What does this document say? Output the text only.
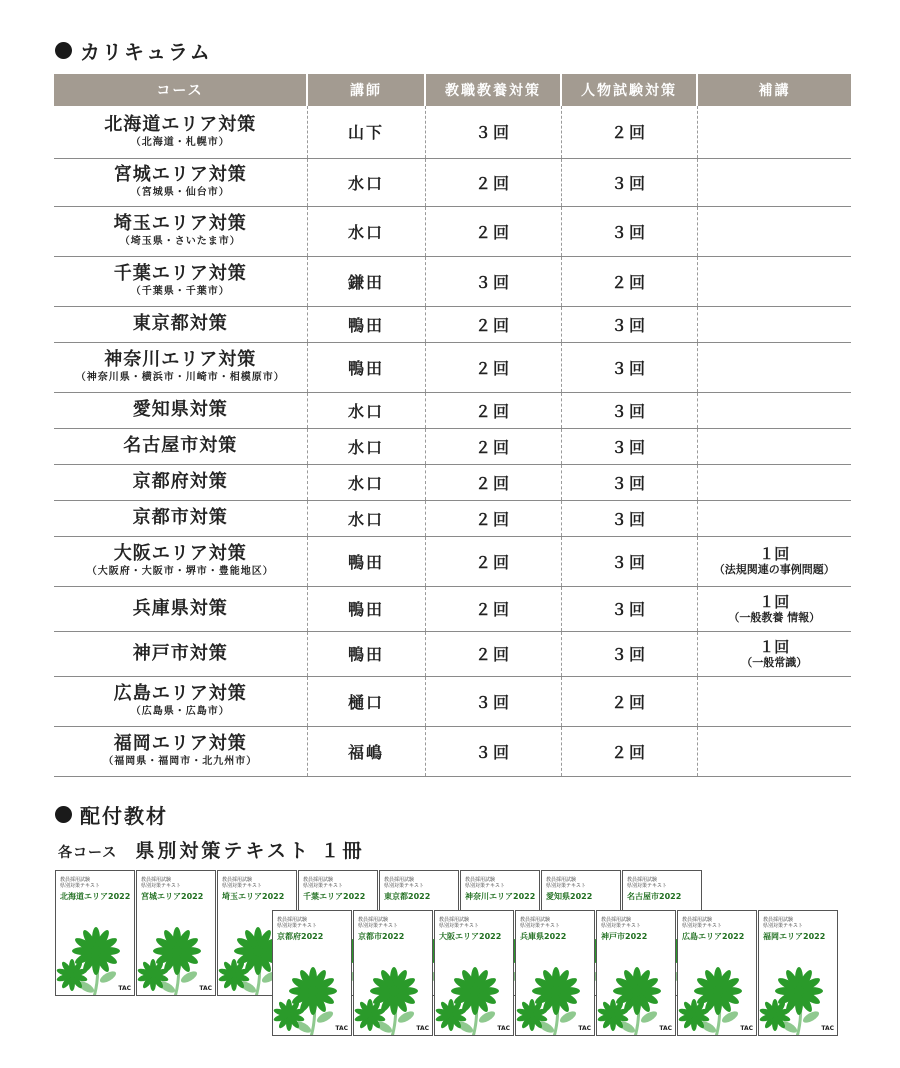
カリキュラム
コース	講師	教職教養対策	人物試験対策	補講

北海道エリア対策
（北海道・札幌市）	山下	３回	２回	

宮城エリア対策
（宮城県・仙台市）	水口	２回	３回	

埼玉エリア対策
（埼玉県・さいたま市）	水口	２回	３回	

千葉エリア対策
（千葉県・千葉市）	鎌田	３回	２回	

東京都対策	鴨田	２回	３回	

神奈川エリア対策
（神奈川県・横浜市・川崎市・相模原市）	鴨田	２回	３回	

愛知県対策	水口	２回	３回	

名古屋市対策	水口	２回	３回	

京都府対策	水口	２回	３回	

京都市対策	水口	２回	３回	

大阪エリア対策
（大阪府・大阪市・堺市・豊能地区）	鴨田	２回	３回	１回
（法規関連の事例問題）

兵庫県対策	鴨田	２回	３回	１回
（一般教養 情報）

神戸市対策	鴨田	２回	３回	１回
（一般常識）

広島エリア対策
（広島県・広島市）	樋口	３回	２回	

福岡エリア対策
（福岡県・福岡市・北九州市）	福嶋	３回	２回	
配付教材
各コース 県別対策テキスト １冊
教員採用試験
県別対策テキスト
北海道エリア2022
TAC
教員採用試験
県別対策テキスト
宮城エリア2022
TAC
教員採用試験
県別対策テキスト
埼玉エリア2022
教員採用試験
県別対策テキスト
千葉エリア2022
教員採用試験
県別対策テキスト
東京都2022
教員採用試験
県別対策テキスト
神奈川エリア2022
教員採用試験
県別対策テキスト
愛知県2022
教員採用試験
県別対策テキスト
名古屋市2022
教員採用試験
県別対策テキスト
京都府2022
TAC
教員採用試験
県別対策テキスト
京都市2022
TAC
教員採用試験
県別対策テキスト
大阪エリア2022
TAC
教員採用試験
県別対策テキスト
兵庫県2022
TAC
教員採用試験
県別対策テキスト
神戸市2022
TAC
教員採用試験
県別対策テキスト
広島エリア2022
TAC
教員採用試験
県別対策テキスト
福岡エリア2022
TAC
